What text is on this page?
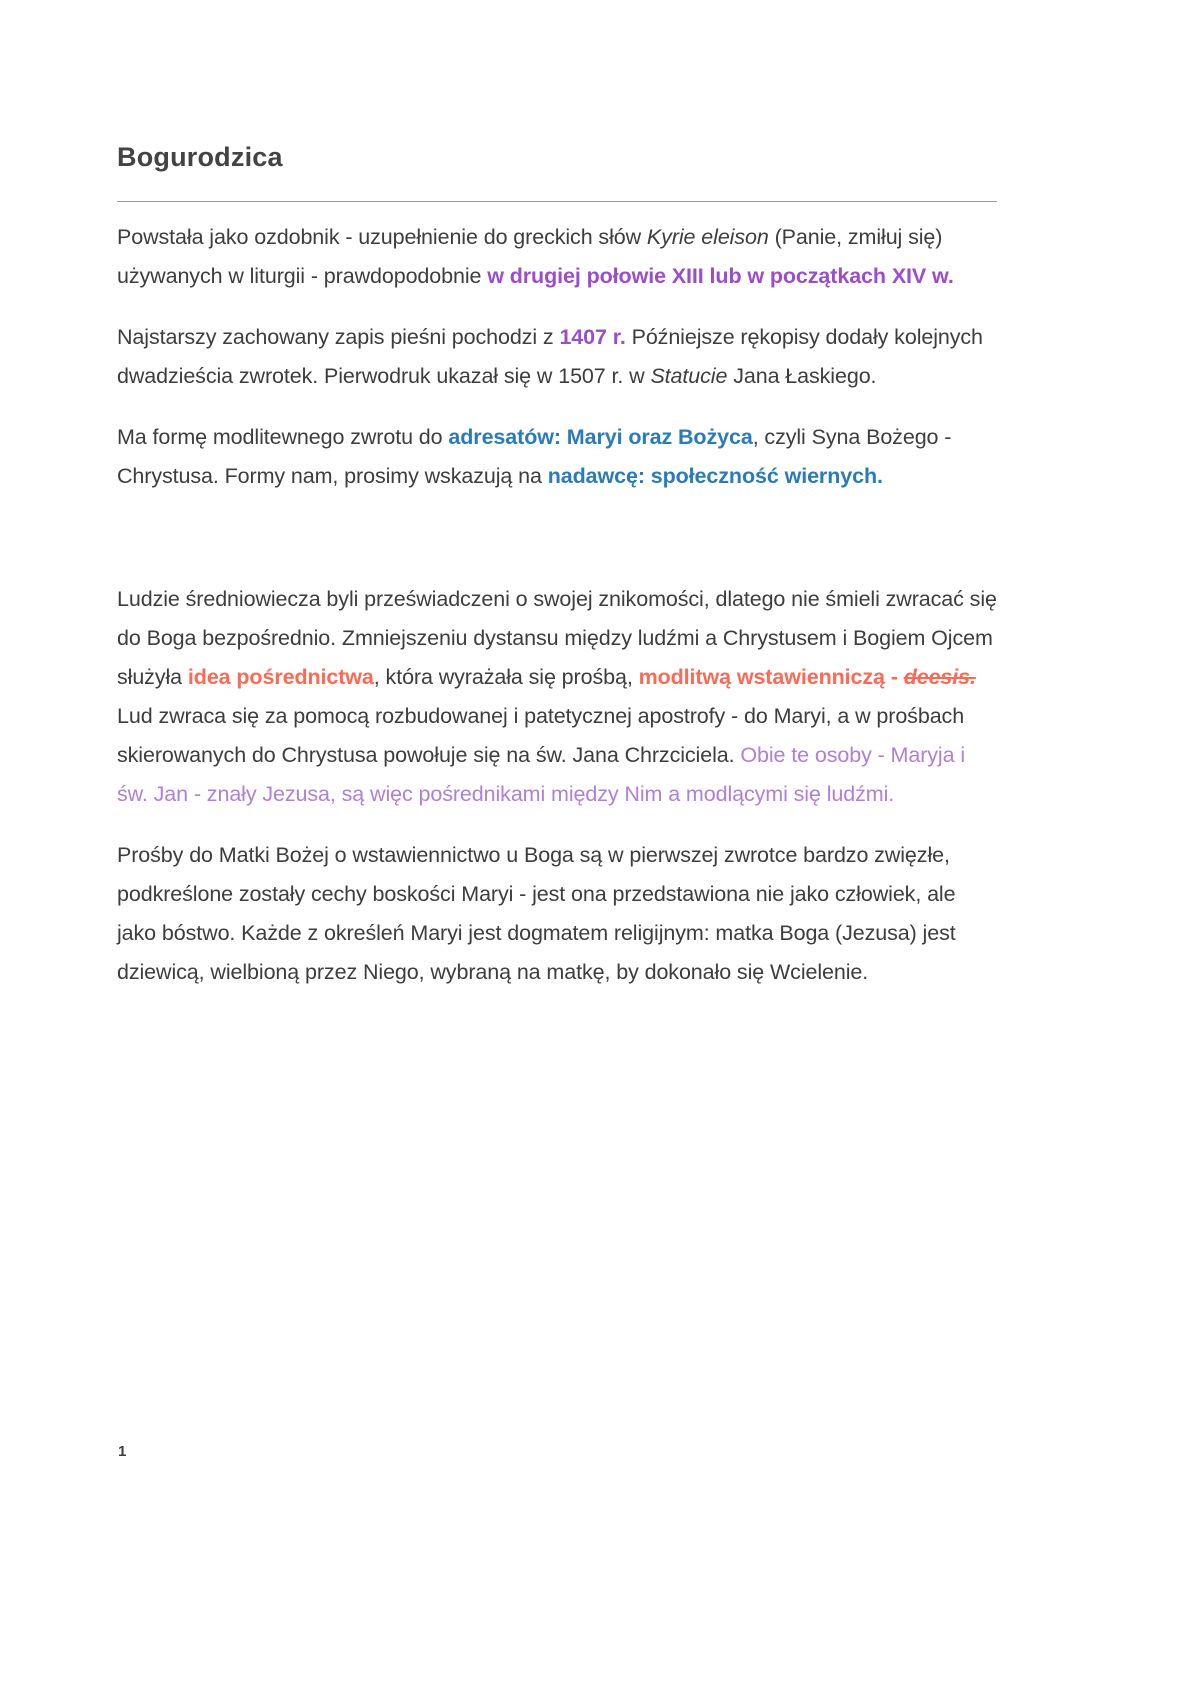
Bogurodzica

Powstała jako ozdobnik - uzupełnienie do greckich słów Kyrie eleison (Panie, zmiłuj się) używanych w liturgii - prawdopodobnie w drugiej połowie XIII lub w początkach XIV w.

Najstarszy zachowany zapis pieśni pochodzi z 1407 r. Późniejsze rękopisy dodały kolejnych dwadzieścia zwrotek. Pierwodruk ukazał się w 1507 r. w Statucie Jana Łaskiego.

Ma formę modlitewnego zwrotu do adresatów: Maryi oraz Bożyca, czyli Syna Bożego - Chrystusa. Formy nam, prosimy wskazują na nadawcę: społeczność wiernych.

Ludzie średniowiecza byli przeświadczeni o swojej znikomości, dlatego nie śmieli zwracać się do Boga bezpośrednio. Zmniejszeniu dystansu między ludźmi a Chrystusem i Bogiem Ojcem służyła idea pośrednictwa, która wyrażała się prośbą, modlitwą wstawienniczą - deesis. Lud zwraca się za pomocą rozbudowanej i patetycznej apostrofy - do Maryi, a w prośbach skierowanych do Chrystusa powołuje się na św. Jana Chrzciciela. Obie te osoby - Maryja i św. Jan - znały Jezusa, są więc pośrednikami między Nim a modlącymi się ludźmi.

Prośby do Matki Bożej o wstawiennictwo u Boga są w pierwszej zwrotce bardzo zwięzłe, podkreślone zostały cechy boskości Maryi - jest ona przedstawiona nie jako człowiek, ale jako bóstwo. Każde z określeń Maryi jest dogmatem religijnym: matka Boga (Jezusa) jest dziewicą, wielbioną przez Niego, wybraną na matkę, by dokonało się Wcielenie.

1
